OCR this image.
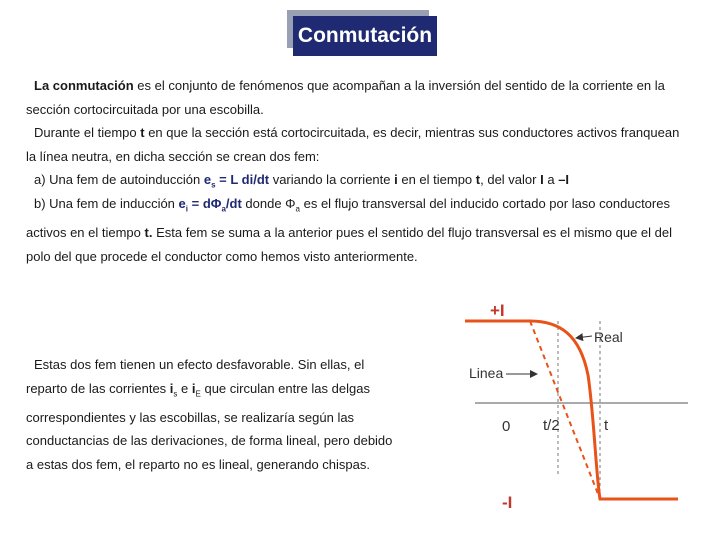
Conmutación

La conmutación es el conjunto de fenómenos que acompañan a la inversión del sentido de la corriente en la sección cortocircuitada por una escobilla.

Durante el tiempo t en que la sección está cortocircuitada, es decir, mientras sus conductores activos franquean la línea neutra, en dicha sección se crean dos fem:

a) Una fem de autoinducción $e_s = L$ di/dt variando la corriente i en el tiempo t, del valor I a –I

b) Una fem de inducción $e_i = d\Phi_a/dt$ donde $\Phi_a$ es el flujo transversal del inducido cortado por laso conductores activos en el tiempo t. Esta fem se suma a la anterior pues el sentido del flujo transversal es el mismo que el del polo del que procede el conductor como hemos visto anteriormente.

Estas dos fem tienen un efecto desfavorable. Sin ellas, el reparto de las corrientes $i_s$ e $i_E$ que circulan entre las delgas correspondientes y las escobillas, se realizaría según las conductancias de las derivaciones, de forma lineal, pero debido a estas dos fem, el reparto no es lineal, generando chispas.

+I
-I
Real
Linea
0 t/2	t
